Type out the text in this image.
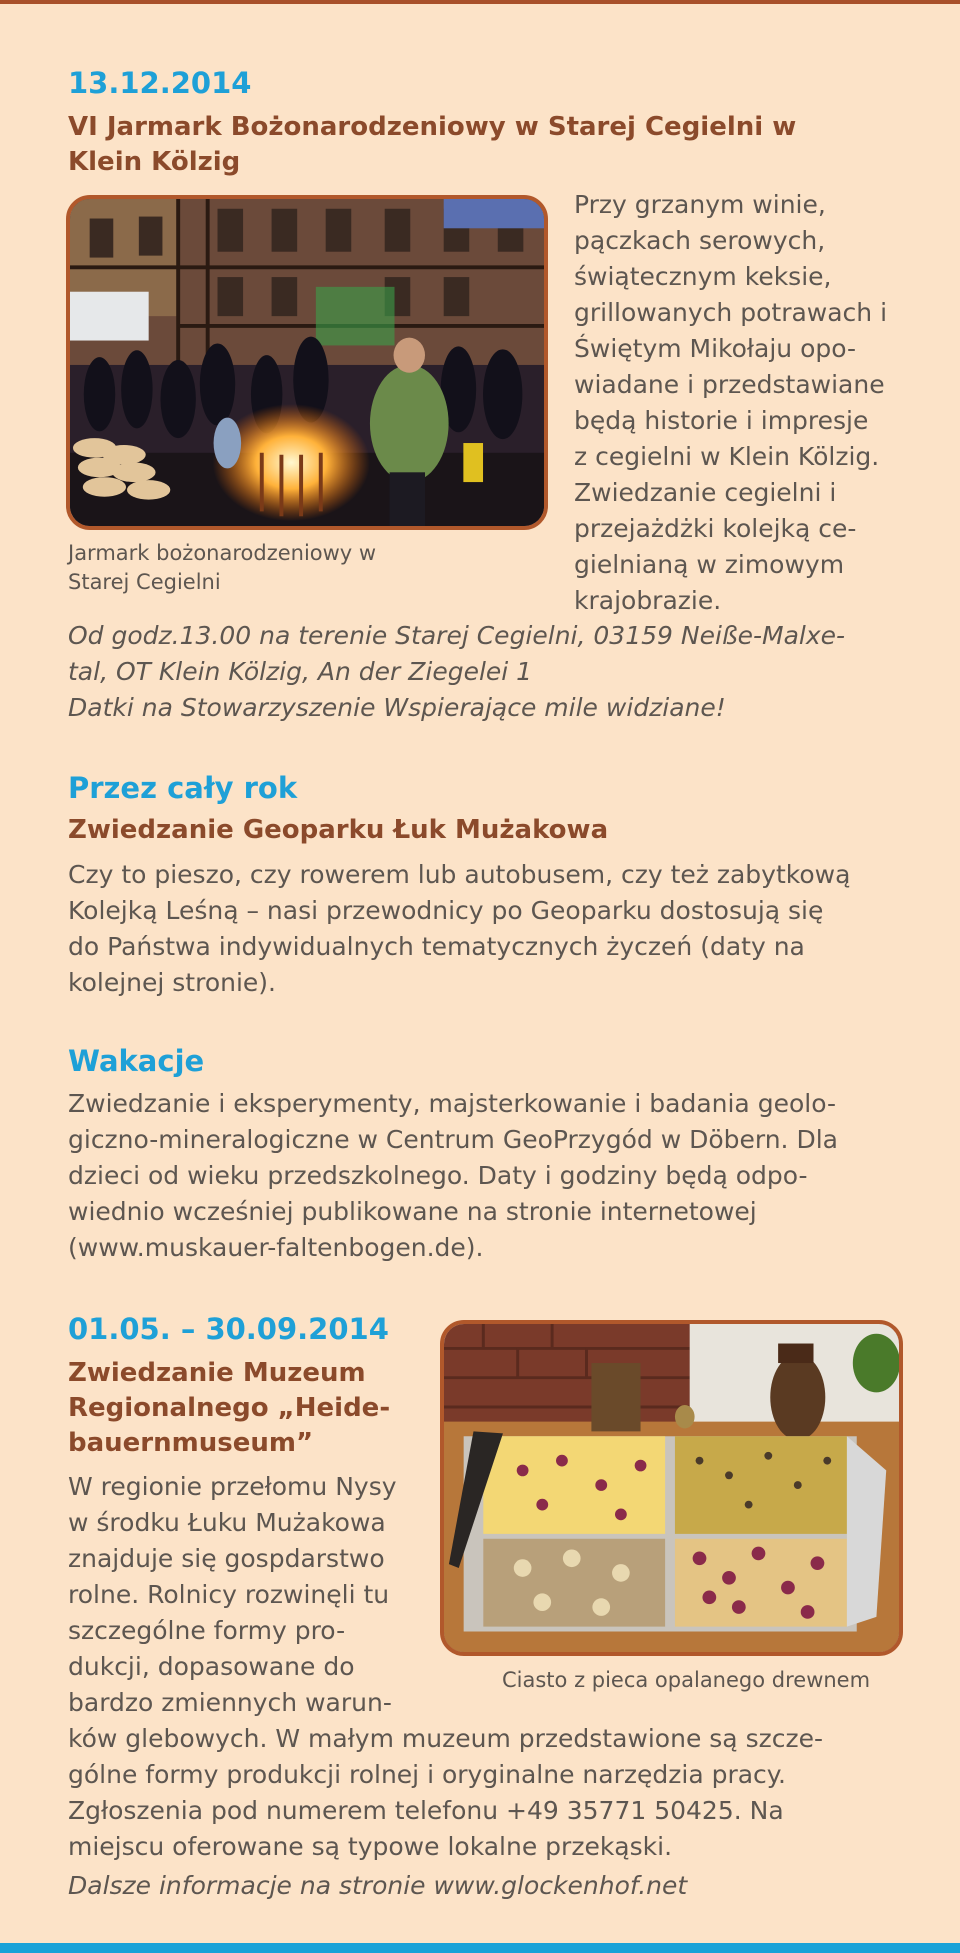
13.12.2014

VI Jarmark Bożonarodzeniowy w Starej Cegielni w
Klein Kölzig
Jarmark bożonarodzeniowy w
Starej Cegielni
Przy grzanym winie,
pączkach serowych,
świątecznym keksie,
grillowanych potrawach i
Świętym Mikołaju opo-
wiadane i przedstawiane
będą historie i impresje
z cegielni w Klein Kölzig.
Zwiedzanie cegielni i
przejażdżki kolejką ce-
gielnianą w zimowym
krajobrazie.
Od godz.13.00 na terenie Starej Cegielni, 03159 Neiße-Malxe-
tal, OT Klein Kölzig, An der Ziegelei 1
Datki na Stowarzyszenie Wspierające mile widziane!

Przez cały rok

Zwiedzanie Geoparku Łuk Mużakowa

Czy to pieszo, czy rowerem lub autobusem, czy też zabytkową
Kolejką Leśną – nasi przewodnicy po Geoparku dostosują się
do Państwa indywidualnych tematycznych życzeń (daty na
kolejnej stronie).

Wakacje

Zwiedzanie i eksperymenty, majsterkowanie i badania geolo-
giczno-mineralogiczne w Centrum GeoPrzygód w Döbern. Dla
dzieci od wieku przedszkolnego. Daty i godziny będą odpo-
wiednio wcześniej publikowane na stronie internetowej
(www.muskauer-faltenbogen.de).

01.05. – 30.09.2014

Zwiedzanie Muzeum
Regionalnego „Heide-
bauernmuseum”

Ciasto z pieca opalanego drewnem

W regionie przełomu Nysy
w środku Łuku Mużakowa
znajduje się gospdarstwo
rolne. Rolnicy rozwinęli tu
szczególne formy pro-
dukcji, dopasowane do
bardzo zmiennych warun-
ków glebowych. W małym muzeum przedstawione są szcze-
gólne formy produkcji rolnej i oryginalne narzędzia pracy.
Zgłoszenia pod numerem telefonu +49 35771 50425. Na
miejscu oferowane są typowe lokalne przekąski.

Dalsze informacje na stronie www.glockenhof.net
